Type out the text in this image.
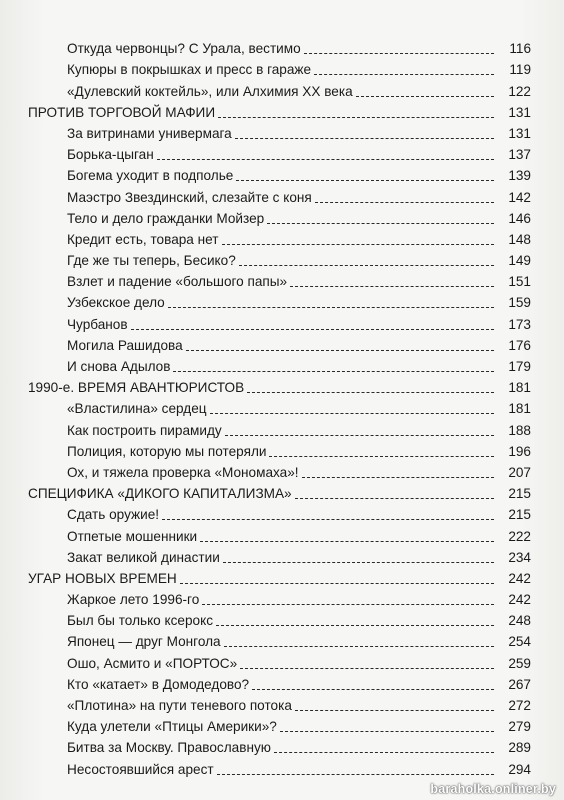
Откуда червонцы? С Урала, вестимо	116
Купюры в покрышках и пресс в гараже	119
«Дулевский коктейль», или Алхимия XX века	122
ПРОТИВ ТОРГОВОЙ МАФИИ	131
За витринами универмага	131
Борька-цыган	137
Богема уходит в подполье	139
Маэстро Звездинский, слезайте с коня	142
Тело и дело гражданки Мойзер	146
Кредит есть, товара нет	148
Где же ты теперь, Бесико?	149
Взлет и падение «большого папы»	151
Узбекское дело	159
Чурбанов	173
Могила Рашидова	176
И снова Адылов	179
1990-е. ВРЕМЯ АВАНТЮРИСТОВ	181
«Властилина» сердец	181
Как построить пирамиду	188
Полиция, которую мы потеряли	196
Ох, и тяжела проверка «Мономаха»!	207
СПЕЦИФИКА «ДИКОГО КАПИТАЛИЗМА»	215
Сдать оружие!	215
Отпетые мошенники	222
Закат великой династии	234
УГАР НОВЫХ ВРЕМЕН	242
Жаркое лето 1996-го	242
Был бы только ксерокс	248
Японец — друг Монгола	254
Ошо, Асмито и «ПОРТОС»	259
Кто «катает» в Домодедово?	267
«Плотина» на пути теневого потока	272
Куда улетели «Птицы Америки»?	279
Битва за Москву. Православную	289
Несостоявшийся арест	294
baraholka.onliner.by
